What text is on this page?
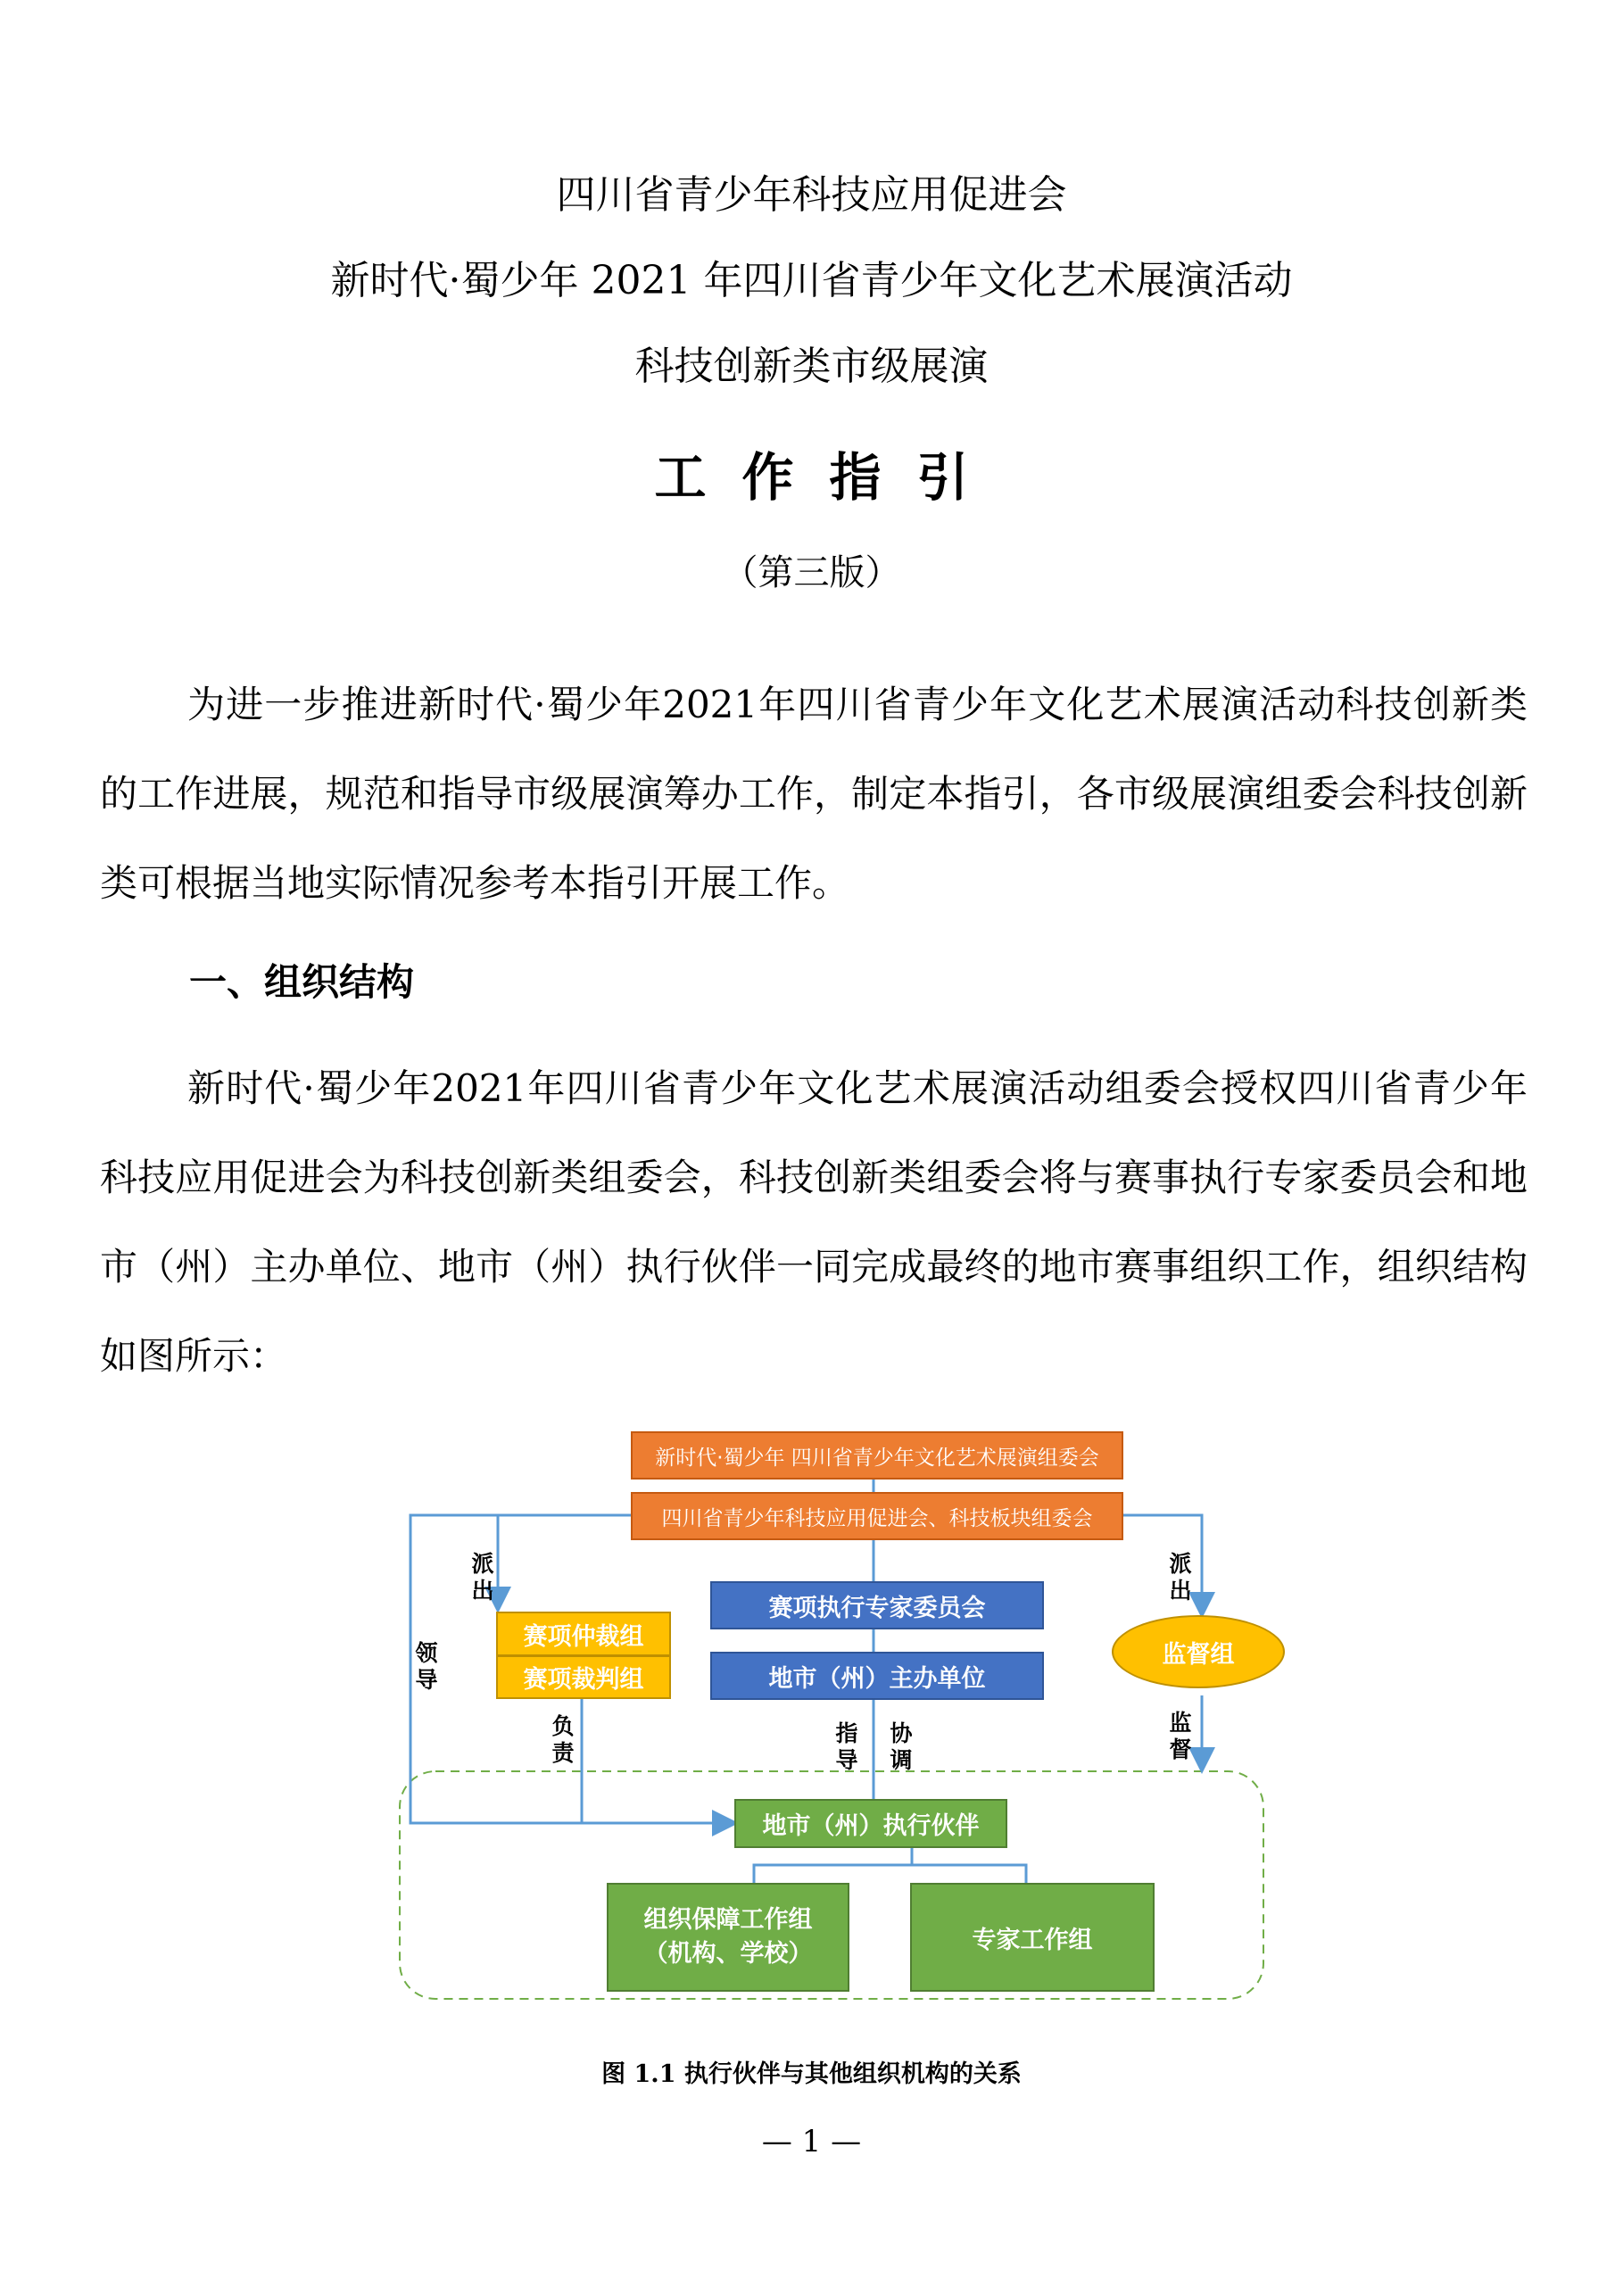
四川省青少年科技应用促进会
新时代·蜀少年 2021 年四川省青少年文化艺术展演活动
科技创新类市级展演
工作指引
（第三版）
为进一步推进新时代·蜀少年2021年四川省青少年文化艺术展演活动科技创新类的工作进展，规范和指导市级展演筹办工作，制定本指引，各市级展演组委会科技创新类可根据当地实际情况参考本指引开展工作。
一、组织结构
新时代·蜀少年2021年四川省青少年文化艺术展演活动组委会授权四川省青少年科技应用促进会为科技创新类组委会，科技创新类组委会将与赛事执行专家委员会和地市（州）主办单位、地市（州）执行伙伴一同完成最终的地市赛事组织工作，组织结构如图所示：
新时代·蜀少年 四川省青少年文化艺术展演组委会
四川省青少年科技应用促进会、科技板块组委会
赛项执行专家委员会
地市（州）主办单位
赛项仲裁组
赛项裁判组
监督组
地市（州）执行伙伴
组织保障工作组
（机构、学校）	专家工作组
派出
派出
领导
负责
指导
协调
监督
图 1.1 执行伙伴与其他组织机构的关系
— 1 —
